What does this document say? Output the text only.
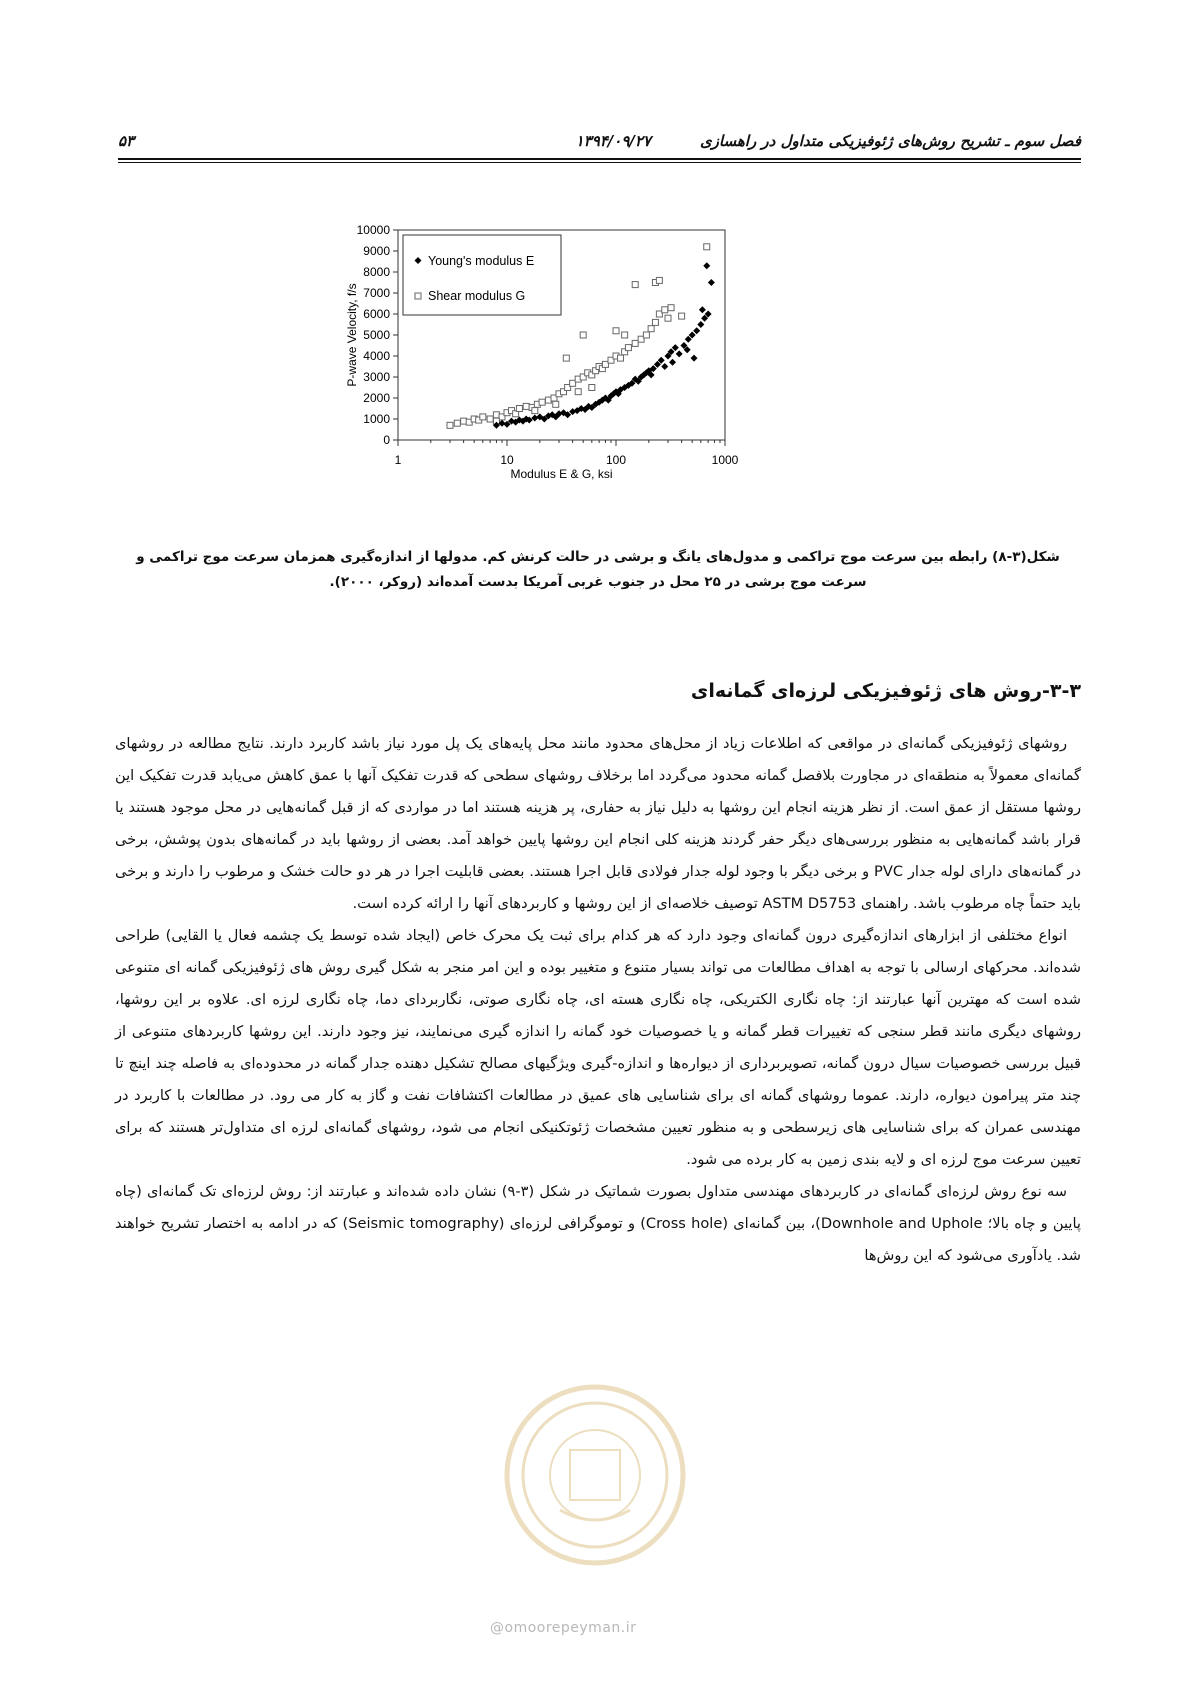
فصل سوم ـ تشریح روش‌های ژئوفیزیکی متداول در راهسازی
۱۳۹۴/۰۹/۲۷
۵۳
0
1000
2000
3000
4000
5000
6000
7000
8000
9000
10000
1	10	100	1000
Modulus E & G, ksi
P-wave Velocity, f/s
Young's modulus E
Shear modulus G
شکل(۳-۸) رابطه بین سرعت موج تراکمی و مدول‌های یانگ و برشی در حالت کرنش کم. مدولها از اندازه‌گیری همزمان سرعت موج تراکمی و سرعت موج برشی در ۲۵ محل در جنوب غربی آمریکا بدست آمده‌اند (روکر، ۲۰۰۰).
۳-۳-روش های ژئوفیزیکی لرزه‌ای گمانه‌ای

روشهای ژئوفیزیکی گمانه‌ای در مواقعی که اطلاعات زیاد از محل‌های محدود مانند محل پایه‌های یک پل مورد نیاز باشد کاربرد دارند. نتایج مطالعه در روشهای گمانه‌ای معمولاً به منطقه‌ای در مجاورت بلافصل گمانه محدود می‌گردد اما برخلاف روشهای سطحی که قدرت تفکیک آنها با عمق کاهش می‌یابد قدرت تفکیک این روشها مستقل از عمق است. از نظر هزینه انجام این روشها به دلیل نیاز به حفاری، پر هزینه هستند اما در مواردی که از قبل گمانه‌هایی در محل موجود هستند یا قرار باشد گمانه‌هایی به منظور بررسی‌های دیگر حفر گردند هزینه کلی انجام این روشها پایین خواهد آمد. بعضی از روشها باید در گمانه‌های بدون پوشش، برخی در گمانه‌های دارای لوله جدار PVC و برخی دیگر با وجود لوله جدار فولادی قابل اجرا هستند. بعضی قابلیت اجرا در هر دو حالت خشک و مرطوب را دارند و برخی باید حتماً چاه مرطوب باشد. راهنمای ASTM D5753 توصیف خلاصه‌ای از این روشها و کاربردهای آنها را ارائه کرده است.

انواع مختلفی از ابزارهای اندازه‌گیری درون گمانه‌ای وجود دارد که هر کدام برای ثبت یک محرک خاص (ایجاد شده توسط یک چشمه فعال یا القایی) طراحی شده‌اند. محرکهای ارسالی با توجه به اهداف مطالعات می تواند بسیار متنوع و متغییر بوده و این امر منجر به شکل گیری روش های ژئوفیزیکی گمانه ای متنوعی شده است که مهترین آنها عبارتند از: چاه نگاری الکتریکی، چاه نگاری هسته ای، چاه نگاری صوتی، نگاربردای دما، چاه نگاری لرزه ای. علاوه بر این روشها، روشهای دیگری مانند قطر سنجی که تغییرات قطر گمانه و یا خصوصیات خود گمانه را اندازه گیری می‌نمایند، نیز وجود دارند. این روشها کاربردهای متنوعی از قبیل بررسی خصوصیات سیال درون گمانه، تصویربرداری از دیواره‌ها و اندازه-گیری ویژگیهای مصالح تشکیل دهنده جدار گمانه در محدوده‌ای به فاصله چند اینچ تا چند متر پیرامون دیواره، دارند. عموما روشهای گمانه ای برای شناسایی های عمیق در مطالعات اکتشافات نفت و گاز به کار می رود. در مطالعات با کاربرد در مهندسی عمران که برای شناسایی های زیرسطحی و به منظور تعیین مشخصات ژئوتکنیکی انجام می شود، روشهای گمانه‌ای لرزه ای متداول‌تر هستند که برای تعیین سرعت موج لرزه ای و لایه بندی زمین به کار برده می شود.

سه نوع روش لرزه‌ای گمانه‌ای در کاربردهای مهندسی متداول بصورت شماتیک در شکل (۳-۹) نشان داده شده‌اند و عبارتند از: روش لرزه‌ای تک گمانه‌ای (چاه پایین و چاه بالا؛ Downhole and Uphole)، بین گمانه‌ای (Cross hole) و توموگرافی لرزه‌ای (Seismic tomography) که در ادامه به اختصار تشریح خواهند شد. یادآوری می‌شود که این روش‌ها

@omoorepeyman.ir
